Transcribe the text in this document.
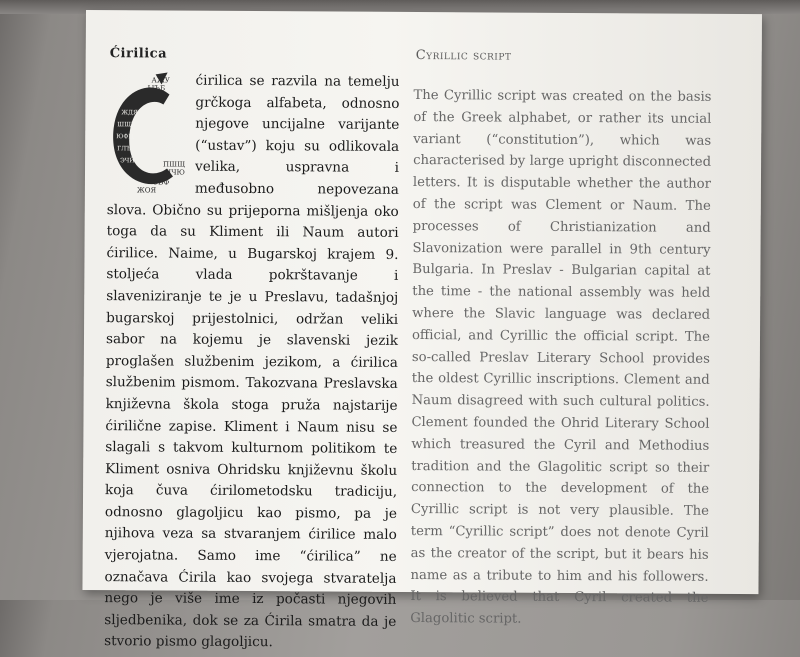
Ćirilica	Cyrillic script
ЖДЯ
ШЩБ
ЮФЦ
ГЛЪ
ЭЧЙ
АЖУ
ЫЪБ
ПШЩ
ЦЧЮ
ЭБФ
ЖОЯ
ćirilica se razvila na temelju grčkoga alfabeta, odnosno njegove uncijalne varijante (“ustav”) koju su odlikovala velika, uspravna i međusobno nepovezana slova. Obično su prijeporna mišljenja oko toga da su Kliment ili Naum autori ćirilice. Naime, u Bugarskoj krajem 9. stoljeća vlada pokrštavanje i slaveniziranje te je u Preslavu, tadašnjoj bugarskoj prijestolnici, održan veliki sabor na kojemu je slavenski jezik proglašen službenim jezikom, a ćirilica službenim pismom. Takozvana Preslavska književna škola stoga pruža najstarije ćirilične zapise. Kliment i Naum nisu se slagali s takvom kulturnom politikom te Kliment osniva Ohridsku književnu školu koja čuva ćirilometodsku tradiciju, odnosno glagoljicu kao pismo, pa je njihova veza sa stvaranjem ćirilice malo vjerojatna. Samo ime “ćirilica” ne označava Ćirila kao svojega stvaratelja nego je više ime iz počasti njegovih sljedbenika, dok se za Ćirila smatra da je stvorio pismo glagoljicu.
The Cyrillic script was created on the basis of the Greek alphabet, or rather its uncial variant (“constitution”), which was characterised by large upright disconnected letters. It is disputable whether the author of the script was Clement or Naum. The processes of Christianization and Slavonization were parallel in 9th century Bulgaria. In Preslav - Bulgarian capital at the time - the national assembly was held where the Slavic language was declared official, and Cyrillic the official script. The so-called Preslav Literary School provides the oldest Cyrillic inscriptions. Clement and Naum disagreed with such cultural politics. Clement founded the Ohrid Literary School which treasured the Cyril and Methodius tradition and the Glagolitic script so their connection to the development of the Cyrillic script is not very plausible. The term “Cyrillic script” does not denote Cyril as the creator of the script, but it bears his name as a tribute to him and his followers. It is believed that Cyril created the Glagolitic script.
